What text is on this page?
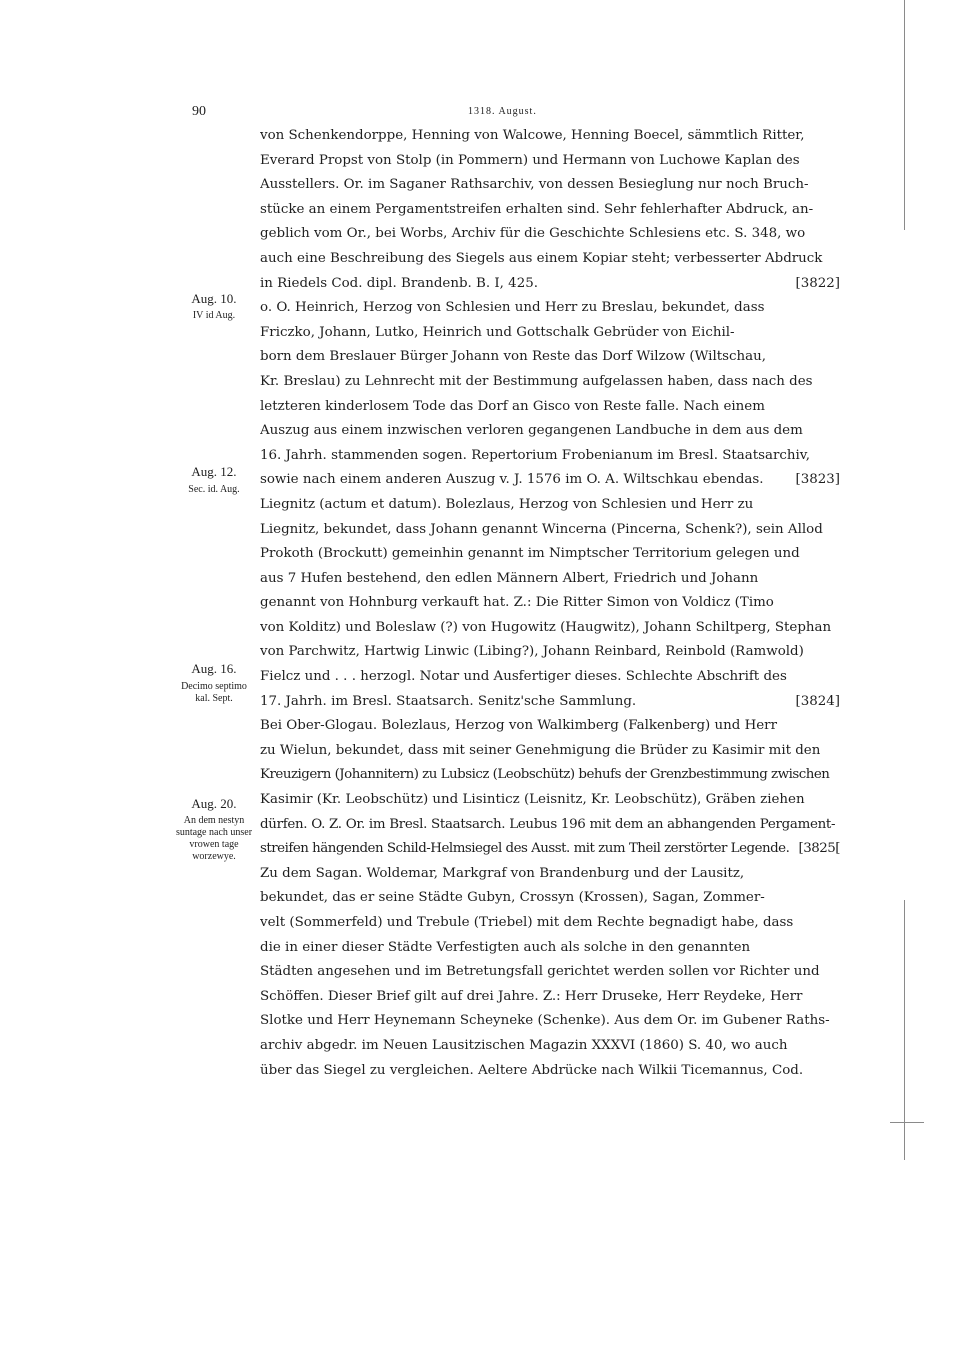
90	1318. August.
Aug. 10.
IV id Aug.
Aug. 12.
Sec. id. Aug.
Aug. 16.
Decimo septimo kal. Sept.
Aug. 20.
An dem nestyn suntage nach unser vrowen tage worzewye.
von Schenkendorppe, Henning von Walcowe, Henning Boecel, sämmtlich Ritter,
Everard Propst von Stolp (in Pommern) und Hermann von Luchowe Kaplan des
Ausstellers. Or. im Saganer Rathsarchiv, von dessen Besieglung nur noch Bruch-
stücke an einem Pergamentstreifen erhalten sind. Sehr fehlerhafter Abdruck, an-
geblich vom Or., bei Worbs, Archiv für die Geschichte Schlesiens etc. S. 348, wo
auch eine Beschreibung des Siegels aus einem Kopiar steht; verbesserter Abdruck
in Riedels Cod. dipl. Brandenb. B. I, 425.	[3822]
o. O. Heinrich, Herzog von Schlesien und Herr zu Breslau, bekundet, dass
Friczko, Johann, Lutko, Heinrich und Gottschalk Gebrüder von Eichil-
born dem Breslauer Bürger Johann von Reste das Dorf Wilzow (Wiltschau,
Kr. Breslau) zu Lehnrecht mit der Bestimmung aufgelassen haben, dass nach des
letzteren kinderlosem Tode das Dorf an Gisco von Reste falle. Nach einem
Auszug aus einem inzwischen verloren gegangenen Landbuche in dem aus dem
16. Jahrh. stammenden sogen. Repertorium Frobenianum im Bresl. Staatsarchiv,
sowie nach einem anderen Auszug v. J. 1576 im O. A. Wiltschkau ebendas. [3823]
Liegnitz (actum et datum). Bolezlaus, Herzog von Schlesien und Herr zu
Liegnitz, bekundet, dass Johann genannt Wincerna (Pincerna, Schenk?), sein Allod
Prokoth (Brockutt) gemeinhin genannt im Nimptscher Territorium gelegen und
aus 7 Hufen bestehend, den edlen Männern Albert, Friedrich und Johann
genannt von Hohnburg verkauft hat. Z.: Die Ritter Simon von Voldicz (Timo
von Kolditz) und Boleslaw (?) von Hugowitz (Haugwitz), Johann Schiltperg, Stephan
von Parchwitz, Hartwig Linwic (Libing?), Johann Reinbard, Reinbold (Ramwold)
Fielcz und . . . herzogl. Notar und Ausfertiger dieses. Schlechte Abschrift des
17. Jahrh. im Bresl. Staatsarch. Senitz'sche Sammlung.	[3824]
Bei Ober-Glogau. Bolezlaus, Herzog von Walkimberg (Falkenberg) und Herr
zu Wielun, bekundet, dass mit seiner Genehmigung die Brüder zu Kasimir mit den
Kreuzigern (Johannitern) zu Lubsicz (Leobschütz) behufs der Grenzbestimmung zwischen
Kasimir (Kr. Leobschütz) und Lisinticz (Leisnitz, Kr. Leobschütz), Gräben ziehen
dürfen. O. Z. Or. im Bresl. Staatsarch. Leubus 196 mit dem an abhangenden Pergament-
streifen hängenden Schild-Helmsiegel des Ausst. mit zum Theil zerstörter Legende. [3825[
Zu dem Sagan. Woldemar, Markgraf von Brandenburg und der Lausitz,
bekundet, das er seine Städte Gubyn, Crossyn (Krossen), Sagan, Zommer-
velt (Sommerfeld) und Trebule (Triebel) mit dem Rechte begnadigt habe, dass
die in einer dieser Städte Verfestigten auch als solche in den genannten
Städten angesehen und im Betretungsfall gerichtet werden sollen vor Richter und
Schöffen. Dieser Brief gilt auf drei Jahre. Z.: Herr Druseke, Herr Reydeke, Herr
Slotke und Herr Heynemann Scheyneke (Schenke). Aus dem Or. im Gubener Raths-
archiv abgedr. im Neuen Lausitzischen Magazin XXXVI (1860) S. 40, wo auch
über das Siegel zu vergleichen. Aeltere Abdrücke nach Wilkii Ticemannus, Cod.
